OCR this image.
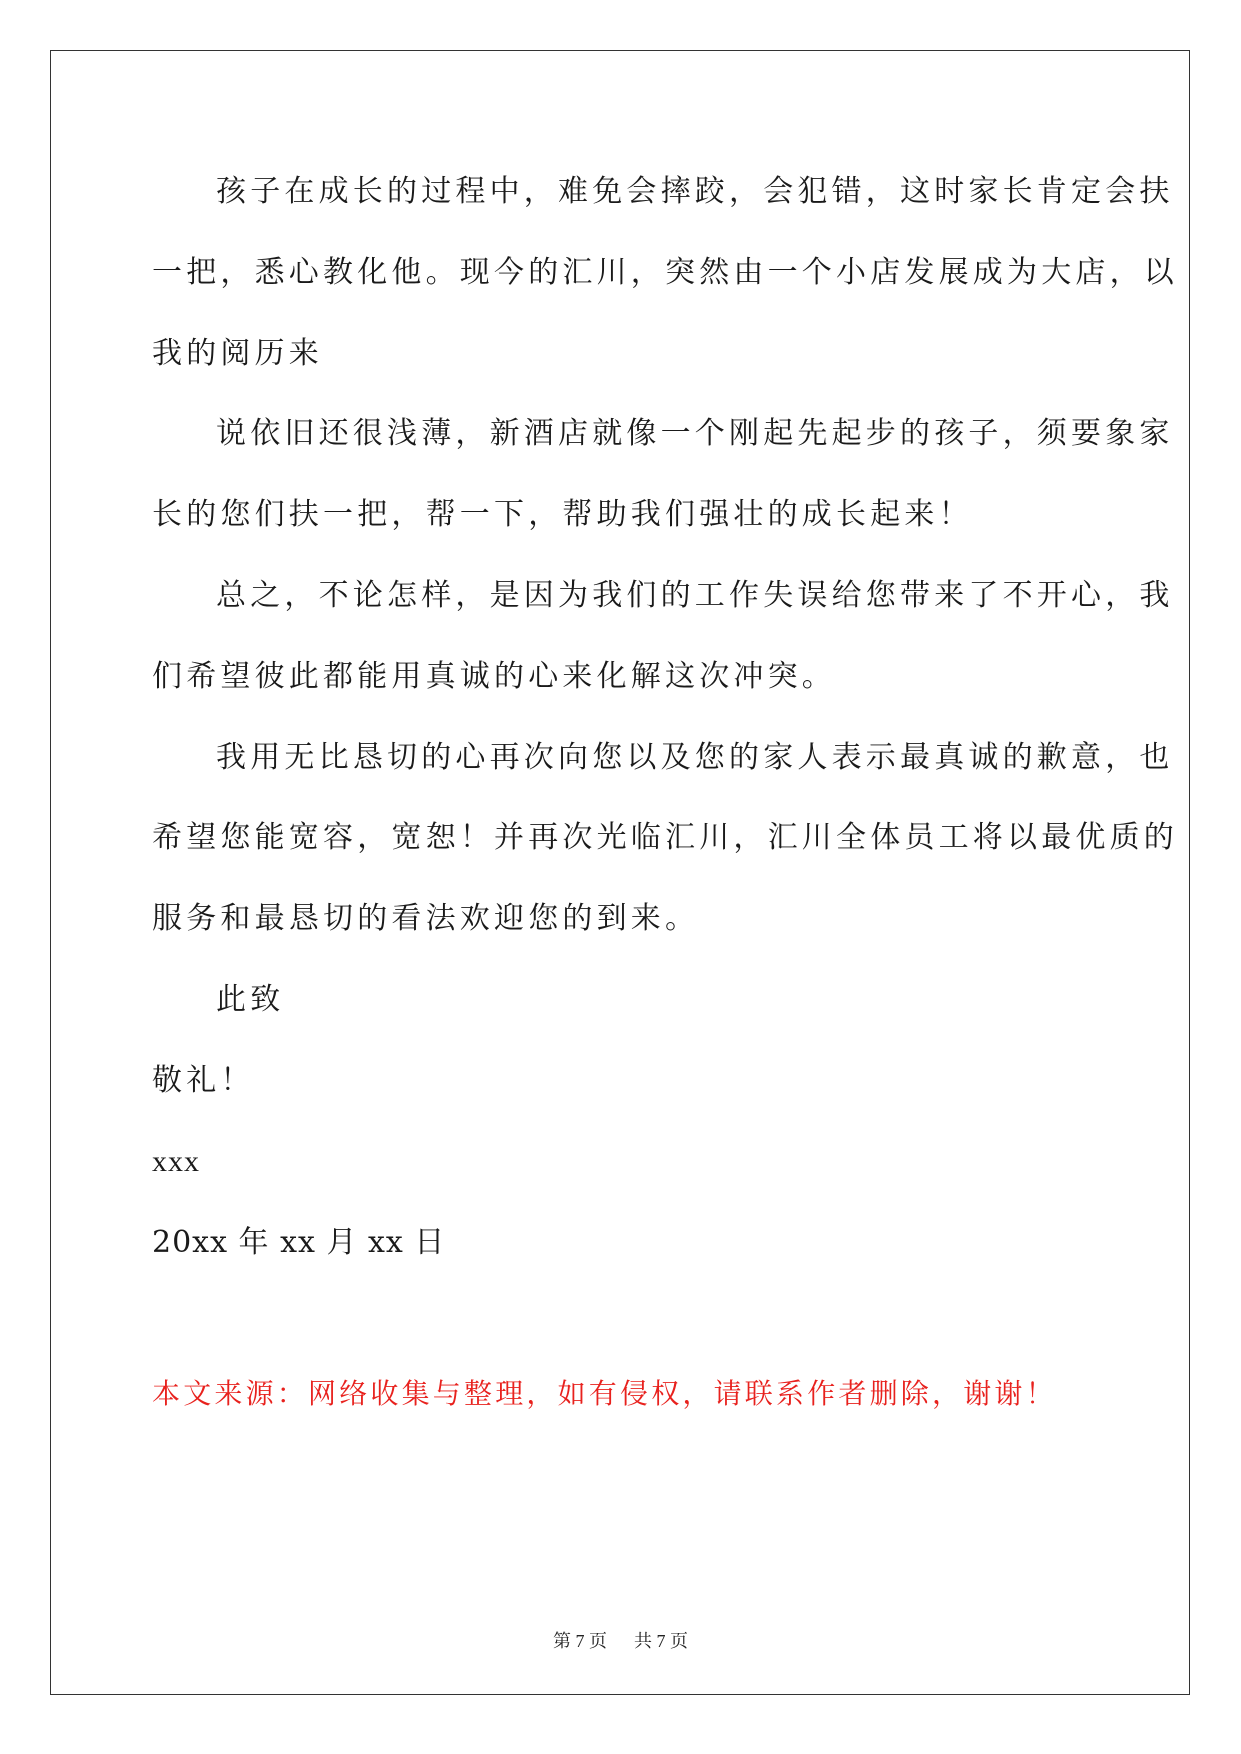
孩子在成长的过程中，难免会摔跤，会犯错，这时家长肯定会扶
一把，悉心教化他。现今的汇川，突然由一个小店发展成为大店，以
我的阅历来
说依旧还很浅薄，新酒店就像一个刚起先起步的孩子，须要象家
长的您们扶一把，帮一下，帮助我们强壮的成长起来！
总之，不论怎样，是因为我们的工作失误给您带来了不开心，我
们希望彼此都能用真诚的心来化解这次冲突。
我用无比恳切的心再次向您以及您的家人表示最真诚的歉意，也
希望您能宽容，宽恕！并再次光临汇川，汇川全体员工将以最优质的
服务和最恳切的看法欢迎您的到来。
此致
敬礼！
xxx
20xx 年 xx 月 xx 日
本文来源：网络收集与整理，如有侵权，请联系作者删除，谢谢！
第 7 页 共 7 页
